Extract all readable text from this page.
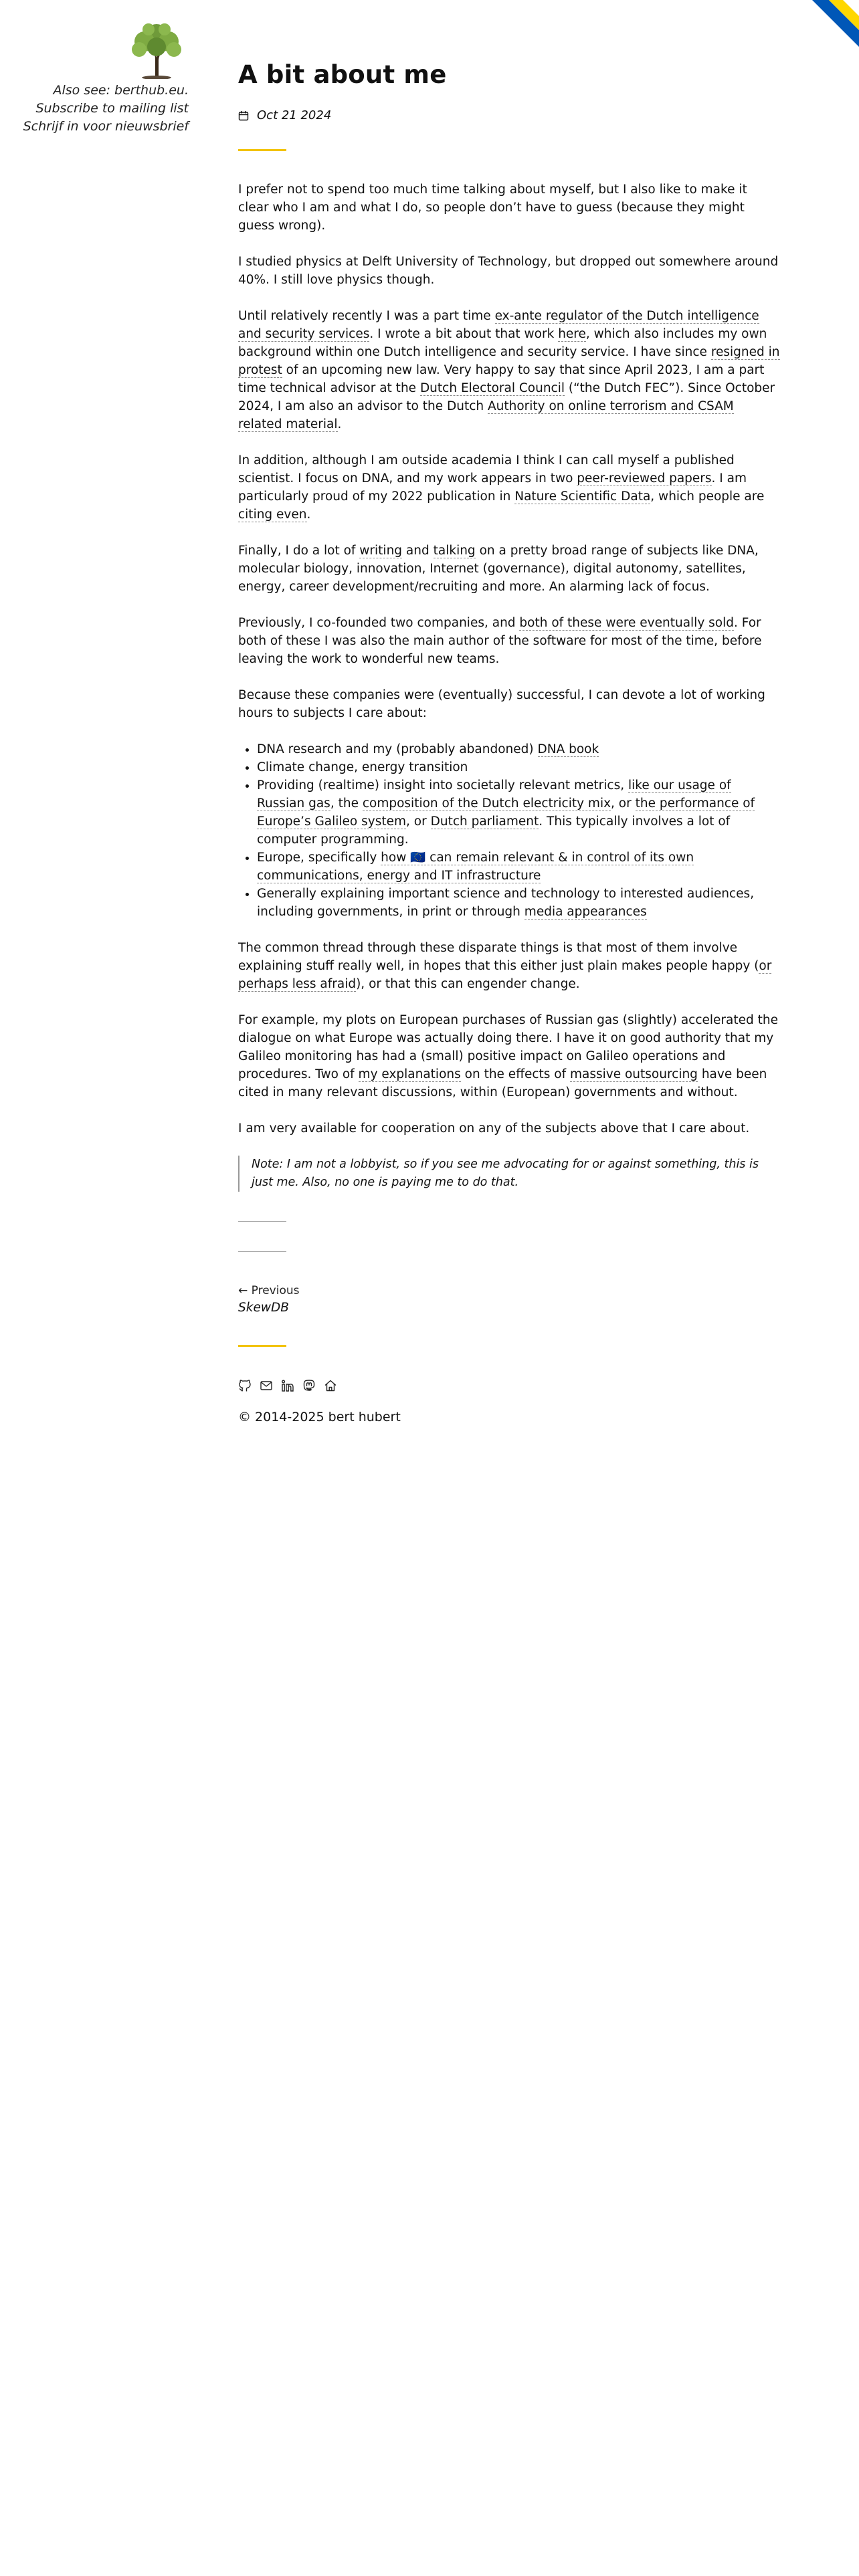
Also see: berthub.eu.
Subscribe to mailing list
Schrijf in voor nieuwsbrief
A bit about me
Oct 21 2024

I prefer not to spend too much time talking about myself, but I also like to make it clear who I am and what I do, so people don’t have to guess (because they might guess wrong).

I studied physics at Delft University of Technology, but dropped out somewhere around 40%. I still love physics though.

Until relatively recently I was a part time ex-ante regulator of the Dutch intelligence and security services. I wrote a bit about that work here, which also includes my own background within one Dutch intelligence and security service. I have since resigned in protest of an upcoming new law. Very happy to say that since April 2023, I am a part time technical advisor at the Dutch Electoral Council (“the Dutch FEC”). Since October 2024, I am also an advisor to the Dutch Authority on online terrorism and CSAM related material.

In addition, although I am outside academia I think I can call myself a published scientist. I focus on DNA, and my work appears in two peer-reviewed papers. I am particularly proud of my 2022 publication in Nature Scientific Data, which people are citing even.

Finally, I do a lot of writing and talking on a pretty broad range of subjects like DNA, molecular biology, innovation, Internet (governance), digital autonomy, satellites, energy, career development/recruiting and more. An alarming lack of focus.

Previously, I co-founded two companies, and both of these were eventually sold. For both of these I was also the main author of the software for most of the time, before leaving the work to wonderful new teams.

Because these companies were (eventually) successful, I can devote a lot of working hours to subjects I care about:

• DNA research and my (probably abandoned) DNA book
• Climate change, energy transition
• Providing (realtime) insight into societally relevant metrics, like our usage of Russian gas, the composition of the Dutch electricity mix, or the performance of Europe’s Galileo system, or Dutch parliament. This typically involves a lot of computer programming.
• Europe, specifically how 🇪🇺 can remain relevant & in control of its own communications, energy and IT infrastructure
• Generally explaining important science and technology to interested audiences, including governments, in print or through media appearances

The common thread through these disparate things is that most of them involve explaining stuff really well, in hopes that this either just plain makes people happy (or perhaps less afraid), or that this can engender change.

For example, my plots on European purchases of Russian gas (slightly) accelerated the dialogue on what Europe was actually doing there. I have it on good authority that my Galileo monitoring has had a (small) positive impact on Galileo operations and procedures. Two of my explanations on the effects of massive outsourcing have been cited in many relevant discussions, within (European) governments and without.

I am very available for cooperation on any of the subjects above that I care about.

Note: I am not a lobbyist, so if you see me advocating for or against something, this is just me. Also, no one is paying me to do that.
← Previous
SkewDB
© 2014-2025 bert hubert
